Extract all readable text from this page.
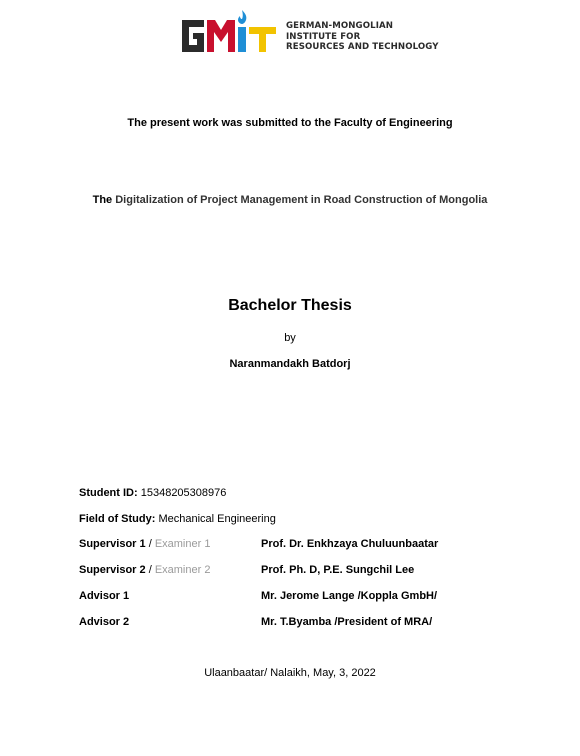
GERMAN-MONGOLIAN
INSTITUTE FOR
RESOURCES AND TECHNOLOGY
The present work was submitted to the Faculty of Engineering
The Digitalization of Project Management in Road Construction of Mongolia
Bachelor Thesis
by
Naranmandakh Batdorj
Student ID: 15348205308976
Field of Study: Mechanical Engineering
Supervisor 1 / Examiner 1	Prof. Dr. Enkhzaya Chuluunbaatar
Supervisor 2 / Examiner 2	Prof. Ph. D, P.E. Sungchil Lee
Advisor 1	Mr. Jerome Lange /Koppla GmbH/
Advisor 2	Mr. T.Byamba /President of MRA/
Ulaanbaatar/ Nalaikh, May, 3, 2022
